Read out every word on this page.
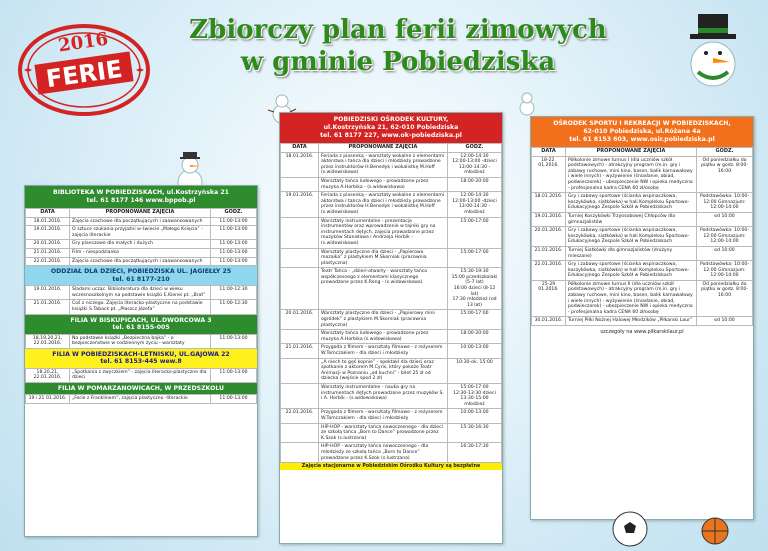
2016
FERIE
Zbiorczy plan ferii zimowych
w gminie Pobiedziska
BIBLIOTEKA W POBIEDZISKACH, ul.Kostrzyńska 21
tel. 61 8177 146 www.bppob.pl
DATA	PROPONOWANE ZAJĘCIA	GODZ.
18.01.2016.	Zajęcia szachowe dla początkujących i zaawansowanych	11:00-13:00
19.01.2016.	O sztuce szukania przyjaźni w świecie „Małego Księcia” - zajęcia literackie	11:00-13:00
20.01.2016.	Gry planszowe dla małych i dużych	11:00-13:00
21.01.2016.	Film - niespodzianka	11:00-13:00
22.01.2016.	Zajęcia szachowe dla początkujących i zaawansowanych	11:00-13:00
ODDZIAŁ DLA DZIECI, POBIEDZISKA UL. JAGIEŁŁY 25
tel. 61 8177-210
19.01.2016.	Śladami ucząc. Biblioteratura dla dzieci w wieku wczesnoszkolnym na podstawie książki E.Kienei pt. „Brat”	11:00-12:30
21.01.2016.	Coś z niczego. Zajęcia literacko-plastyczne na podstawie książki S.Taback pt. „Płaszcz Józefa”	11:00-12:30
FILIA W BISKUPICACH, UL.DWORCOWA 3
tel. 61 8155-005
18,19,20,21, 22.01.2016.	Na podstawie książki „Bezpieczna bajka” - o bezpieczeństwie w codziennym życiu - warsztaty	11:00-13:00
FILIA W POBIEDZISKACH-LETNISKU, UL.GAJOWA 22
tel. 61 8153-445 wew.8
18.20,21, 22.01.2016.	„Spotkania z zwyczkiem” - zajęcia literacko-plastyczne dla dzieci	11:00-13:00
FILIA W POMARZANOWICACH, W PRZEDSZKOLU
19 i 21 01.2016.	„Ferie z Franklinem”, zajęcia plastyczno -literackie	11:00-13:00
POBIEDZISKI OŚRODEK KULTURY,
ul.Kostrzyńska 21, 62-010 Pobiedziska
tel. 61 8177 227, www.ok-pobiedziska.pl
DATA	PROPONOWANE ZAJĘCIA	GODZ.
18.01.2016.	Feriada z piosenką - warsztaty wokalne z elementami aktorstwa i tańca dla dzieci i młodzieży prowadzone przez instruktorów H.Benedyk i wokalistkę M.Hoff (s.widowiskowa)	12:00-14:30
12:00-13:00 -dzieci
13:00-14:30 -młodzież
	Warsztaty tańca ludowego - prowadzone przez muzyka A.Horbika - (s.widowiskowa)	18:00-20:00
19.01.2016.	Feriada z piosenką - warsztaty wokalne z elementami aktorstwa i tańca dla dzieci i młodzieży prowadzone przez instruktorów H.Benedyk i wokalistkę M.Hoff (s.widowiskowa)	12:00-14:30
12:00-13:00 -dzieci
13:00-14:30 -młodzież
	Warsztaty instrumentalne - prezentacja instrumentów oraz wprowadzenie w tajniki gry na instrumentach dętych, zajęcia prowadzone przez muzyków Stanisława i Andrzeja Horbik - (s.widowiskowa)	15:00-17:00
	Warsztaty plastyczne dla dzieci - „Papierowa mozaika” z plastykiem M.Skorniak (pracownia plastyczna)	15:00-17:00
	Teatr Tańca - „dzieri-otwarty - warsztaty tańca współczesnego z elementami klasycznego prowadzone przez K.Rong - (s.widowiskowa)	15:30-19:30
15:00 przedszkolaki (5-7 lat)
16:00 dzieci (8-12 lat)
17:30 młodzież (od 13 lat)
20.01.2016.	Warsztaty plastyczne dla dzieci - „Papierowy mini ogródek” z plastykiem M.Skorniak (pracownia plastyczna)	15:00-17:00
	Warsztaty tańca ludowego - prowadzone przez muzyka A.Horbika (s.widowiskowa)	18:00-20:00
21.01.2016.	Przygoda z filmem - warsztaty filmowe - z reżyserem W.Tomczakiem - dla dzieci i młodzieży	10:00-13:00
	„A niech to gęś kopnie” - spektakl dla dzieci oraz spotkanie z aktorem M.Cyris, który pokaże Teatr Animacji w Poznaniu „od kuchni” - bilet 25 zł od dziecka (wejście spod 2 zł)	10:30-ok. 15:00
	Warsztaty instrumentalne - nauka gry na instrumentach dętych prowadzone przez muzyków S. i A. Horbik - (s.widowiskowa)	15:00-17:00
12:30-13:30 dzieci
13:30-15:00 młodzież
22.01.2016.	Przygoda z filmem - warsztaty filmowe - z reżyserem W.Tomczakiem - dla dzieci i młodzieży	10:00-13:00
	HIP-HOP - warsztaty tańca nowoczesnego - dla dzieci ze szkołą tańca „Born to Dance” prowadzone przez K.Szok (s.lustrzana)	15:30-16:30
	HIP-HOP - warsztaty tańca nowoczesnego - dla młodzieży ze szkołą tańca „Born to Dance” prowadzone przez K.Szok (s.lustrzana)	16:30-17:30
Zajęcia stacjonarne w Pobiedziskim Ośrodku Kultury są bezpłatne
OŚRODEK SPORTU I REKREACJI W POBIEDZISKACH,
62-010 Pobiedziska, ul.Różana 4a
tel. 61 8153 603, www.osir.pobiedziska.pl
DATA	PROPONOWANE ZAJĘCIA	GODZ.
18-22. 01.2016.	Półkolonie zimowe turnus I (dla uczniów szkół podstawowych) - atrakcyjny program (m.in. gry i zabawy ruchowe, mini kino, basen, balik karnawałowy i wiele innych) - wyżywienie (śniadanie, obiad, podwieczorek) - ubezpieczenie NW i opieka medyczna - profesjonalna kadra CENA 60 zł/osobę	Od poniedziałku do piątku w godz. 8:00-16:00
18.01.2016.	Gry i zabawy sportowe (ścianka wspinaczkowa, koszykówka, siatkówka) w hali Kompleksu Sportowo-Edukacyjnego Zespole Szkół w Pobiedziskach	Podstawówka: 10:00-12:00 Gimnazjum: 12:00-14:00
19.01.2016.	Turniej Koszykówki Trzyosobowej Chłopców dla gimnazjalistów	od 10:00
20.01.2016.	Gry i zabawy sportowe (ścianka wspinaczkowa, koszykówka, siatkówka) w hali Kompleksu Sportowo-Edukacyjnego Zespole Szkół w Pobiedziskach	Podstawówka: 10:00-12:00 Gimnazjum: 12:00-14:00
21.01.2016.	Turniej Siatkówki dla gimnazjalistów (drużyny mieszane)	od 10:00
22.01.2016.	Gry i zabawy sportowe (ścianka wspinaczkowa, koszykówka, siatkówka) w hali Kompleksu Sportowo-Edukacyjnego Zespole Szkół w Pobiedziskach	Podstawówka: 10:00-12:00 Gimnazjum: 12:00-14:00
25-29 01.2016.	Półkolonie zimowe turnus II (dla uczniów szkół podstawowych) - atrakcyjny program (m.in. gry i zabawy ruchowe, mini kino, basen, balik karnawałowy i wiele innych) - wyżywienie (śniadanie, obiad, podwieczorek) - ubezpieczenie NW i opieka medyczna - profesjonalna kadra CENA 60 zł/osobę	Od poniedziałku do piątku w godz. 8:00-16:00
30.01.2016.	Turniej Piłki Nożnej Halowej Młodzików „Piłkarski Laur”	od 10:00
szczegóły na www.pilkarskilaur.pl
